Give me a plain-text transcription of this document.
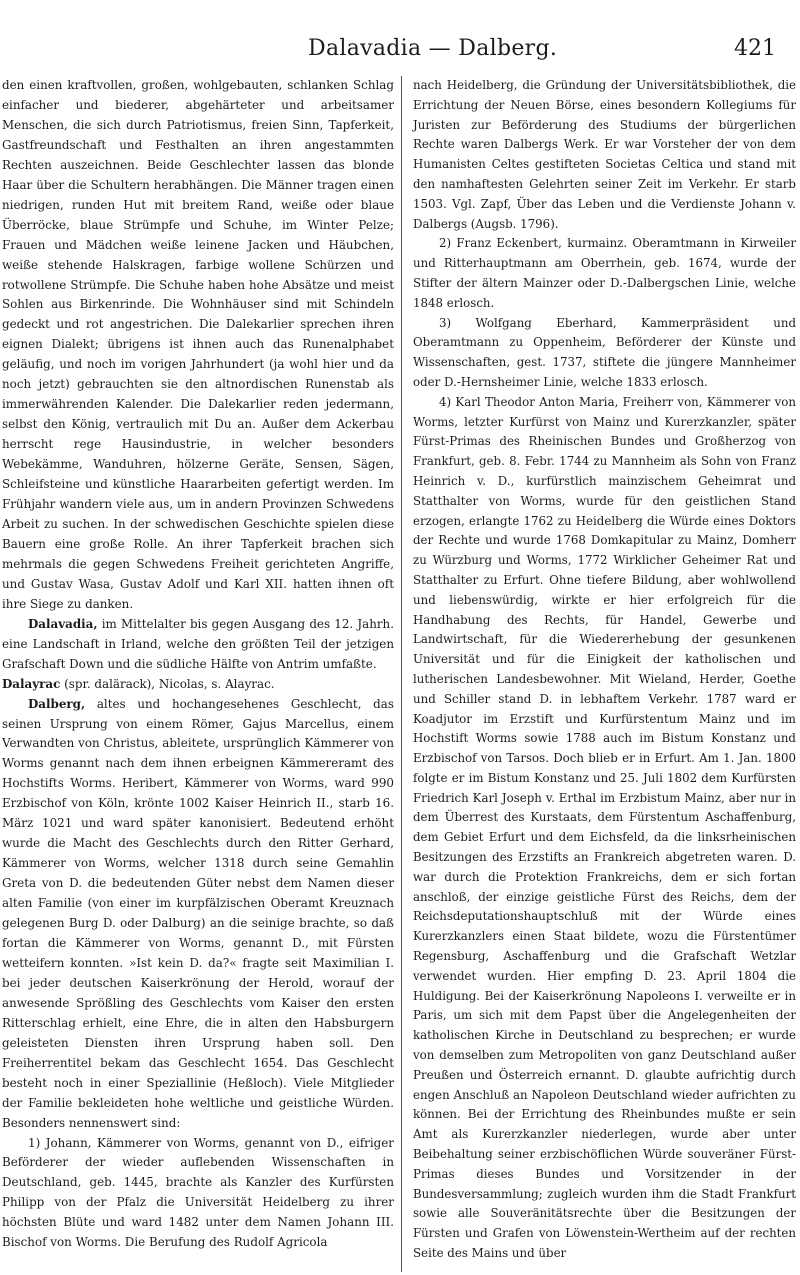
Dalavadia — Dalberg.	421

den einen kraftvollen, großen, wohlgebauten, schlanken Schlag einfacher und biederer, abgehärteter und arbeitsamer Menschen, die sich durch Patriotismus, freien Sinn, Tapferkeit, Gastfreundschaft und Festhalten an ihren angestammten Rechten auszeichnen. Beide Geschlechter lassen das blonde Haar über die Schultern herabhängen. Die Männer tragen einen niedrigen, runden Hut mit breitem Rand, weiße oder blaue Überröcke, blaue Strümpfe und Schuhe, im Winter Pelze; Frauen und Mädchen weiße leinene Jacken und Häubchen, weiße stehende Halskragen, farbige wollene Schürzen und rotwollene Strümpfe. Die Schuhe haben hohe Absätze und meist Sohlen aus Birkenrinde. Die Wohnhäuser sind mit Schindeln gedeckt und rot angestrichen. Die Dalekarlier sprechen ihren eignen Dialekt; übrigens ist ihnen auch das Runenalphabet geläufig, und noch im vorigen Jahrhundert (ja wohl hier und da noch jetzt) gebrauchten sie den altnordischen Runenstab als immerwährenden Kalender. Die Dalekarlier reden jedermann, selbst den König, vertraulich mit Du an. Außer dem Ackerbau herrscht rege Hausindustrie, in welcher besonders Webekämme, Wanduhren, hölzerne Geräte, Sensen, Sägen, Schleifsteine und künstliche Haararbeiten gefertigt werden. Im Frühjahr wandern viele aus, um in andern Provinzen Schwedens Arbeit zu suchen. In der schwedischen Geschichte spielen diese Bauern eine große Rolle. An ihrer Tapferkeit brachen sich mehrmals die gegen Schwedens Freiheit gerichteten Angriffe, und Gustav Wasa, Gustav Adolf und Karl XII. hatten ihnen oft ihre Siege zu danken.

Dalavadia, im Mittelalter bis gegen Ausgang des 12. Jahrh. eine Landschaft in Irland, welche den größten Teil der jetzigen Grafschaft Down und die südliche Hälfte von Antrim umfaßte.

Dalayrac (spr. dalärack), Nicolas, s. Alayrac.

Dalberg, altes und hochangesehenes Geschlecht, das seinen Ursprung von einem Römer, Gajus Marcellus, einem Verwandten von Christus, ableitete, ursprünglich Kämmerer von Worms genannt nach dem ihnen erbeignen Kämmereramt des Hochstifts Worms. Heribert, Kämmerer von Worms, ward 990 Erzbischof von Köln, krönte 1002 Kaiser Heinrich II., starb 16. März 1021 und ward später kanonisiert. Bedeutend erhöht wurde die Macht des Geschlechts durch den Ritter Gerhard, Kämmerer von Worms, welcher 1318 durch seine Gemahlin Greta von D. die bedeutenden Güter nebst dem Namen dieser alten Familie (von einer im kurpfälzischen Oberamt Kreuznach gelegenen Burg D. oder Dalburg) an die seinige brachte, so daß fortan die Kämmerer von Worms, genannt D., mit Fürsten wetteifern konnten. »Ist kein D. da?« fragte seit Maximilian I. bei jeder deutschen Kaiserkrönung der Herold, worauf der anwesende Sprößling des Geschlechts vom Kaiser den ersten Ritterschlag erhielt, eine Ehre, die in alten den Habsburgern geleisteten Diensten ihren Ursprung haben soll. Den Freiherrentitel bekam das Geschlecht 1654. Das Geschlecht besteht noch in einer Speziallinie (Heßloch). Viele Mitglieder der Familie bekleideten hohe weltliche und geistliche Würden. Besonders nennenswert sind:

1) Johann, Kämmerer von Worms, genannt von D., eifriger Beförderer der wieder auflebenden Wissenschaften in Deutschland, geb. 1445, brachte als Kanzler des Kurfürsten Philipp von der Pfalz die Universität Heidelberg zu ihrer höchsten Blüte und ward 1482 unter dem Namen Johann III. Bischof von Worms. Die Berufung des Rudolf Agricola

nach Heidelberg, die Gründung der Universitätsbibliothek, die Errichtung der Neuen Börse, eines besondern Kollegiums für Juristen zur Beförderung des Studiums der bürgerlichen Rechte waren Dalbergs Werk. Er war Vorsteher der von dem Humanisten Celtes gestifteten Societas Celtica und stand mit den namhaftesten Gelehrten seiner Zeit im Verkehr. Er starb 1503. Vgl. Zapf, Über das Leben und die Verdienste Johann v. Dalbergs (Augsb. 1796).

2) Franz Eckenbert, kurmainz. Oberamtmann in Kirweiler und Ritterhauptmann am Oberrhein, geb. 1674, wurde der Stifter der ältern Mainzer oder D.-Dalbergschen Linie, welche 1848 erlosch.

3) Wolfgang Eberhard, Kammerpräsident und Oberamtmann zu Oppenheim, Beförderer der Künste und Wissenschaften, gest. 1737, stiftete die jüngere Mannheimer oder D.-Hernsheimer Linie, welche 1833 erlosch.

4) Karl Theodor Anton Maria, Freiherr von, Kämmerer von Worms, letzter Kurfürst von Mainz und Kurerzkanzler, später Fürst-Primas des Rheinischen Bundes und Großherzog von Frankfurt, geb. 8. Febr. 1744 zu Mannheim als Sohn von Franz Heinrich v. D., kurfürstlich mainzischem Geheimrat und Statthalter von Worms, wurde für den geistlichen Stand erzogen, erlangte 1762 zu Heidelberg die Würde eines Doktors der Rechte und wurde 1768 Domkapitular zu Mainz, Domherr zu Würzburg und Worms, 1772 Wirklicher Geheimer Rat und Statthalter zu Erfurt. Ohne tiefere Bildung, aber wohlwollend und liebenswürdig, wirkte er hier erfolgreich für die Handhabung des Rechts, für Handel, Gewerbe und Landwirtschaft, für die Wiedererhebung der gesunkenen Universität und für die Einigkeit der katholischen und lutherischen Landesbewohner. Mit Wieland, Herder, Goethe und Schiller stand D. in lebhaftem Verkehr. 1787 ward er Koadjutor im Erzstift und Kurfürstentum Mainz und im Hochstift Worms sowie 1788 auch im Bistum Konstanz und Erzbischof von Tarsos. Doch blieb er in Erfurt. Am 1. Jan. 1800 folgte er im Bistum Konstanz und 25. Juli 1802 dem Kurfürsten Friedrich Karl Joseph v. Erthal im Erzbistum Mainz, aber nur in dem Überrest des Kurstaats, dem Fürstentum Aschaffenburg, dem Gebiet Erfurt und dem Eichsfeld, da die linksrheinischen Besitzungen des Erzstifts an Frankreich abgetreten waren. D. war durch die Protektion Frankreichs, dem er sich fortan anschloß, der einzige geistliche Fürst des Reichs, dem der Reichsdeputationshauptschluß mit der Würde eines Kurerzkanzlers einen Staat bildete, wozu die Fürstentümer Regensburg, Aschaffenburg und die Grafschaft Wetzlar verwendet wurden. Hier empfing D. 23. April 1804 die Huldigung. Bei der Kaiserkrönung Napoleons I. verweilte er in Paris, um sich mit dem Papst über die Angelegenheiten der katholischen Kirche in Deutschland zu besprechen; er wurde von demselben zum Metropoliten von ganz Deutschland außer Preußen und Österreich ernannt. D. glaubte aufrichtig durch engen Anschluß an Napoleon Deutschland wieder aufrichten zu können. Bei der Errichtung des Rheinbundes mußte er sein Amt als Kurerzkanzler niederlegen, wurde aber unter Beibehaltung seiner erzbischöflichen Würde souveräner Fürst-Primas dieses Bundes und Vorsitzender in der Bundesversammlung; zugleich wurden ihm die Stadt Frankfurt sowie alle Souveränitätsrechte über die Besitzungen der Fürsten und Grafen von Löwenstein-Wertheim auf der rechten Seite des Mains und über
